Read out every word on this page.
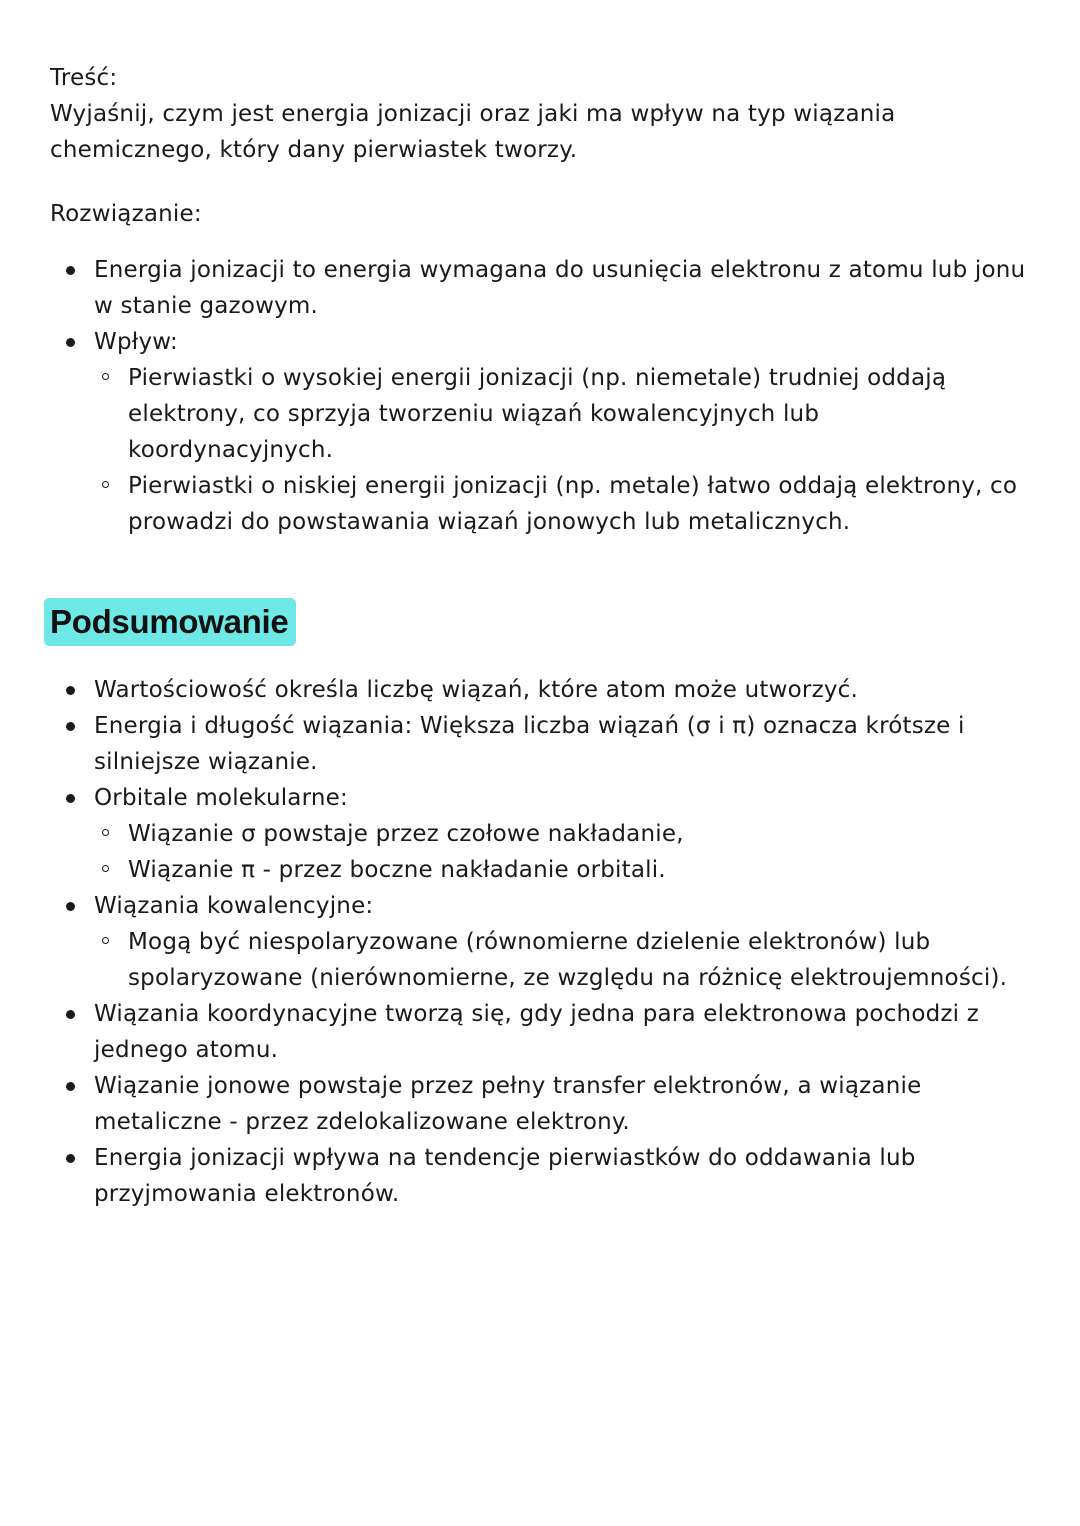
Treść:
Wyjaśnij, czym jest energia jonizacji oraz jaki ma wpływ na typ wiązania chemicznego, który dany pierwiastek tworzy.
Rozwiązanie:
Energia jonizacji to energia wymagana do usunięcia elektronu z atomu lub jonu w stanie gazowym.
Wpływ:
Pierwiastki o wysokiej energii jonizacji (np. niemetale) trudniej oddają elektrony, co sprzyja tworzeniu wiązań kowalencyjnych lub koordynacyjnych.
Pierwiastki o niskiej energii jonizacji (np. metale) łatwo oddają elektrony, co prowadzi do powstawania wiązań jonowych lub metalicznych.
Podsumowanie
Wartościowość określa liczbę wiązań, które atom może utworzyć.
Energia i długość wiązania: Większa liczba wiązań (σ i π) oznacza krótsze i silniejsze wiązanie.
Orbitale molekularne:
Wiązanie σ powstaje przez czołowe nakładanie,
Wiązanie π - przez boczne nakładanie orbitali.
Wiązania kowalencyjne:
Mogą być niespolaryzowane (równomierne dzielenie elektronów) lub spolaryzowane (nierównomierne, ze względu na różnicę elektroujemności).
Wiązania koordynacyjne tworzą się, gdy jedna para elektronowa pochodzi z jednego atomu.
Wiązanie jonowe powstaje przez pełny transfer elektronów, a wiązanie metaliczne - przez zdelokalizowane elektrony.
Energia jonizacji wpływa na tendencje pierwiastków do oddawania lub przyjmowania elektronów.
